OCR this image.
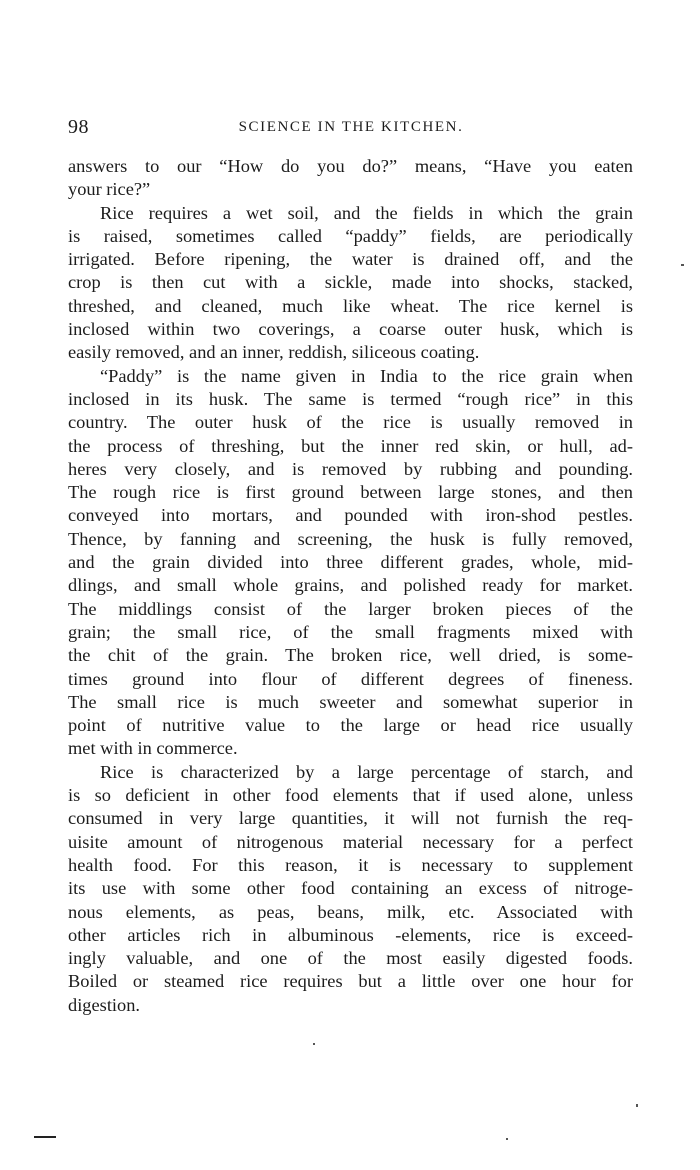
98	SCIENCE IN THE KITCHEN.
answers to our “How do you do?” means, “Have you eaten
your rice?”
Rice requires a wet soil, and the fields in which the grain
is raised, sometimes called “paddy” fields, are periodically
irrigated. Before ripening, the water is drained off, and the
crop is then cut with a sickle, made into shocks, stacked,
threshed, and cleaned, much like wheat. The rice kernel is
inclosed within two coverings, a coarse outer husk, which is
easily removed, and an inner, reddish, siliceous coating.
“Paddy” is the name given in India to the rice grain when
inclosed in its husk. The same is termed “rough rice” in this
country. The outer husk of the rice is usually removed in
the process of threshing, but the inner red skin, or hull, ad-
heres very closely, and is removed by rubbing and pounding.
The rough rice is first ground between large stones, and then
conveyed into mortars, and pounded with iron-shod pestles.
Thence, by fanning and screening, the husk is fully removed,
and the grain divided into three different grades, whole, mid-
dlings, and small whole grains, and polished ready for market.
The middlings consist of the larger broken pieces of the
grain; the small rice, of the small fragments mixed with
the chit of the grain. The broken rice, well dried, is some-
times ground into flour of different degrees of fineness.
The small rice is much sweeter and somewhat superior in
point of nutritive value to the large or head rice usually
met with in commerce.
Rice is characterized by a large percentage of starch, and
is so deficient in other food elements that if used alone, unless
consumed in very large quantities, it will not furnish the req-
uisite amount of nitrogenous material necessary for a perfect
health food. For this reason, it is necessary to supplement
its use with some other food containing an excess of nitroge-
nous elements, as peas, beans, milk, etc. Associated with
other articles rich in albuminous -elements, rice is exceed-
ingly valuable, and one of the most easily digested foods.
Boiled or steamed rice requires but a little over one hour for
digestion.
